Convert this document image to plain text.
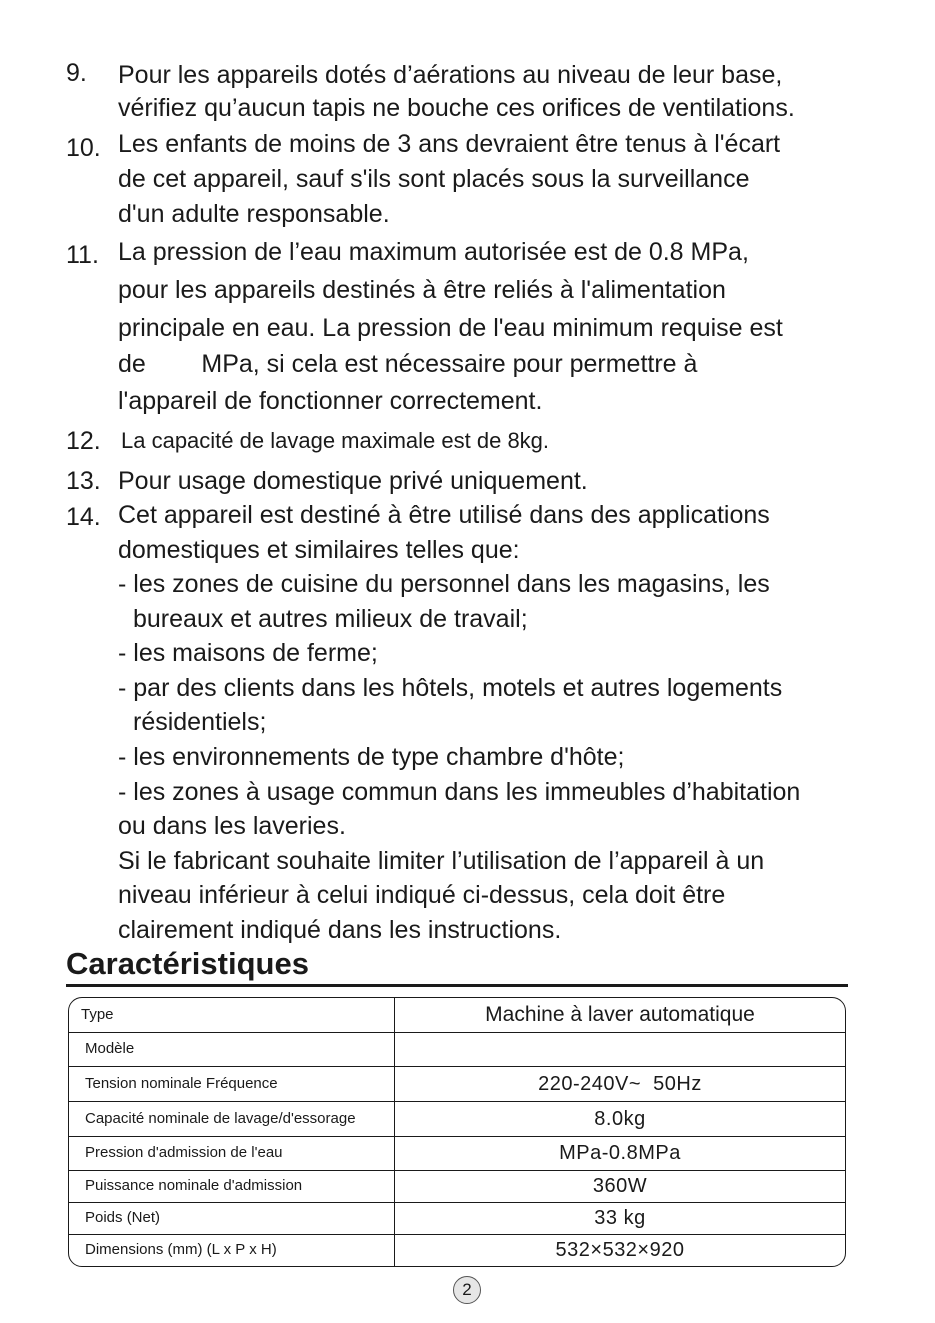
9. Pour les appareils dotés d’aérations au niveau de leur base,
vérifiez qu’aucun tapis ne bouche ces orifices de ventilations.
10. Les enfants de moins de 3 ans devraient être tenus à l'écart
de cet appareil, sauf s'ils sont placés sous la surveillance
d'un adulte responsable.
11. La pression de l’eau maximum autorisée est de 0.8 MPa,
pour les appareils destinés à être reliés à l'alimentation
principale en eau. La pression de l'eau minimum requise est
de        MPa, si cela est nécessaire pour permettre à
l'appareil de fonctionner correctement.
12. La capacité de lavage maximale est de 8kg.
13. Pour usage domestique privé uniquement.
14. Cet appareil est destiné à être utilisé dans des applications
domestiques et similaires telles que:
- les zones de cuisine du personnel dans les magasins, les
bureaux et autres milieux de travail;
- les maisons de ferme;
- par des clients dans les hôtels, motels et autres logements
résidentiels;
- les environnements de type chambre d'hôte;
- les zones à usage commun dans les immeubles d’habitation
ou dans les laveries.
Si le fabricant souhaite limiter l’utilisation de l’appareil à un
niveau inférieur à celui indiqué ci-dessus, cela doit être
clairement indiqué dans les instructions.
Caractéristiques
Type	Machine à laver automatique
Modèle	
Tension nominale Fréquence	220-240V~  50Hz
Capacité nominale de lavage/d'essorage	8.0kg
Pression d'admission de l'eau	MPa-0.8MPa
Puissance nominale d'admission	360W
Poids (Net)	33 kg
Dimensions (mm) (L x P x H)	532×532×920
2
